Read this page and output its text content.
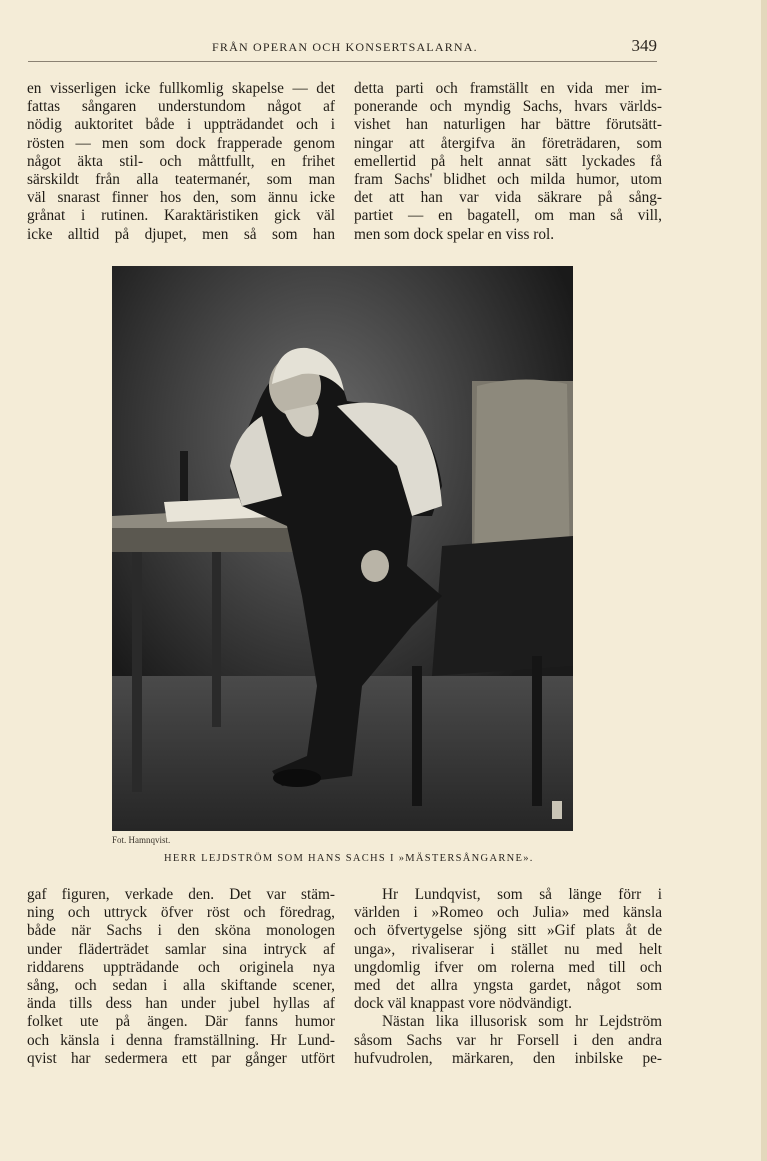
FRÅN OPERAN OCH KONSERTSALARNA.	349
en visserligen icke fullkomlig skapelse — det
fattas sångaren understundom något af
nödig auktoritet både i uppträdandet och i
rösten — men som dock frapperade genom
något äkta stil- och måttfullt, en frihet
särskildt från alla teatermanér, som man
väl snarast finner hos den, som ännu icke
grånat i rutinen. Karaktäristiken gick väl
icke alltid på djupet, men så som han
detta parti och framställt en vida mer im-
ponerande och myndig Sachs, hvars världs-
vishet han naturligen har bättre förutsätt-
ningar att återgifva än företrädaren, som
emellertid på helt annat sätt lyckades få
fram Sachs' blidhet och milda humor, utom
det att han var vida säkrare på sång-
partiet — en bagatell, om man så vill,
men som dock spelar en viss rol.
Fot. Hamnqvist.
HERR LEJDSTRÖM SOM HANS SACHS I »MÄSTERSÅNGARNE».
gaf figuren, verkade den. Det var stäm-
ning och uttryck öfver röst och föredrag,
både när Sachs i den sköna monologen
under fläderträdet samlar sina intryck af
riddarens uppträdande och originela nya
sång, och sedan i alla skiftande scener,
ända tills dess han under jubel hyllas af
folket ute på ängen. Där fanns humor
och känsla i denna framställning. Hr Lund-
qvist har sedermera ett par gånger utfört
Hr Lundqvist, som så länge förr i
världen i »Romeo och Julia» med känsla
och öfvertygelse sjöng sitt »Gif plats åt de
unga», rivaliserar i stället nu med helt
ungdomlig ifver om rolerna med till och
med det allra yngsta gardet, något som
dock väl knappast vore nödvändigt.
Nästan lika illusorisk som hr Lejdström
såsom Sachs var hr Forsell i den andra
hufvudrolen, märkaren, den inbilske pe-
